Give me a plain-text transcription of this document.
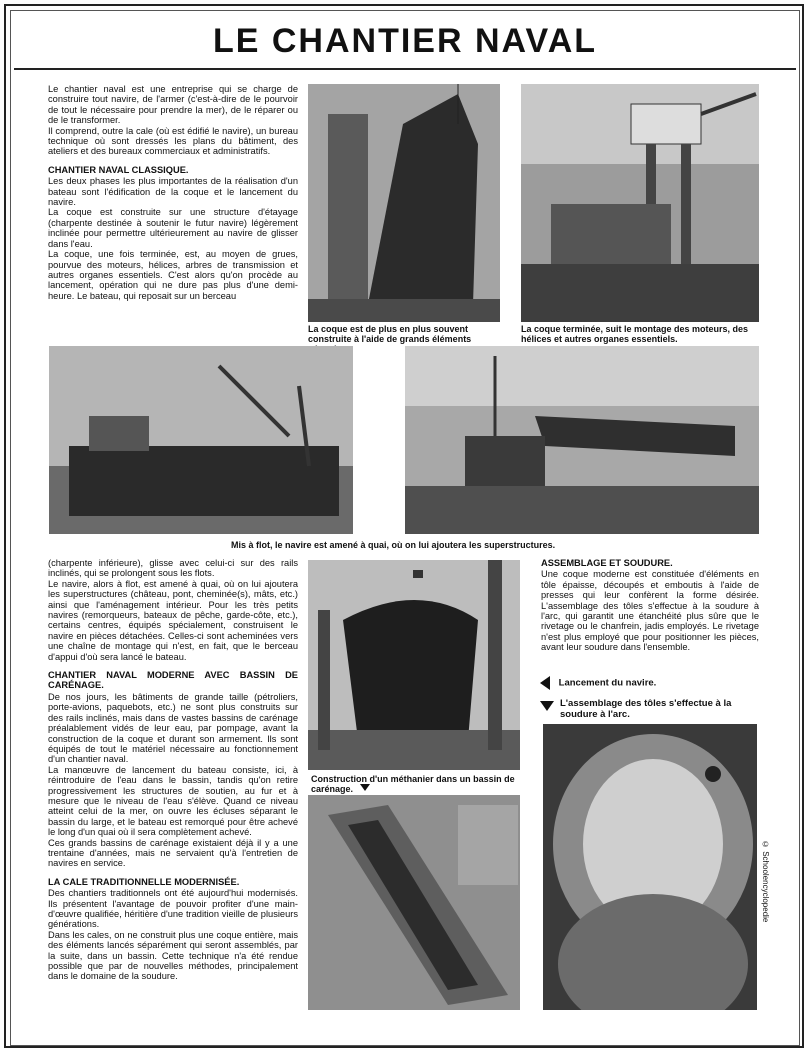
LE CHANTIER NAVAL

Le chantier naval est une entreprise qui se charge de construire tout navire, de l'armer (c'est-à-dire de le pourvoir de tout le nécessaire pour prendre la mer), de le réparer ou de le transformer.

Il comprend, outre la cale (où est édifié le navire), un bureau technique où sont dressés les plans du bâtiment, des ateliers et des bureaux commerciaux et administratifs.

CHANTIER NAVAL CLASSIQUE.

Les deux phases les plus importantes de la réalisation d'un bateau sont l'édification de la coque et le lancement du navire.

La coque est construite sur une structure d'étayage (charpente destinée à soutenir le futur navire) légèrement inclinée pour permettre ultérieurement au navire de glisser dans l'eau.

La coque, une fois terminée, est, au moyen de grues, pourvue des moteurs, hélices, arbres de transmission et autres organes essentiels. C'est alors qu'on procède au lancement, opération qui ne dure pas plus d'une demi-heure. Le bateau, qui reposait sur un berceau

La coque est de plus en plus souvent construite à l'aide de grands éléments
La coque terminée, suit le montage des moteurs, des hélices et autres organes essentiels.
Mis à flot, le navire est amené à quai, où on lui ajoutera les superstructures.

(charpente inférieure), glisse avec celui-ci sur des rails inclinés, qui se prolongent sous les flots.

Le navire, alors à flot, est amené à quai, où on lui ajoutera les superstructures (château, pont, cheminée(s), mâts, etc.) ainsi que l'aménagement intérieur. Pour les très petits navires (remorqueurs, bateaux de pêche, garde-côte, etc.), certains centres, équipés spécialement, construisent le navire en pièces détachées. Celles-ci sont acheminées vers une chaîne de montage qui n'est, en fait, que le berceau d'appui d'où sera lancé le bateau.

CHANTIER NAVAL MODERNE AVEC BASSIN DE CARÉNAGE.

De nos jours, les bâtiments de grande taille (pétroliers, porte-avions, paquebots, etc.) ne sont plus construits sur des rails inclinés, mais dans de vastes bassins de carénage préalablement vidés de leur eau, par pompage, avant la construction de la coque et durant son armement. Ils sont équipés de tout le matériel nécessaire au fonctionnement d'un chantier naval.

La manœuvre de lancement du bateau consiste, ici, à réintroduire de l'eau dans le bassin, tandis qu'on retire progressivement les structures de soutien, au fur et à mesure que le niveau de l'eau s'élève. Quand ce niveau atteint celui de la mer, on ouvre les écluses séparant le bassin du large, et le bateau est remorqué pour être achevé le long d'un quai où il sera complètement achevé.

Ces grands bassins de carénage existaient déjà il y a une trentaine d'années, mais ne servaient qu'à l'entretien de navires en service.

LA CALE TRADITIONNELLE MODERNISÉE.

Des chantiers traditionnels ont été aujourd'hui modernisés. Ils présentent l'avantage de pouvoir profiter d'une main-d'œuvre qualifiée, héritière d'une tradition vieille de plusieurs générations.

Dans les cales, on ne construit plus une coque entière, mais des éléments lancés séparément qui seront assemblés, par la suite, dans un bassin. Cette technique n'a été rendue possible que par de nouvelles méthodes, principalement dans le domaine de la soudure.

Construction d'un méthanier dans un bassin de carénage.
ASSEMBLAGE ET SOUDURE.

Une coque moderne est constituée d'éléments en tôle épaisse, découpés et emboutis à l'aide de presses qui leur confèrent la forme désirée. L'assemblage des tôles s'effectue à la soudure à l'arc, qui garantit une étanchéité plus sûre que le rivetage ou le chanfrein, jadis employés. Le rivetage n'est plus employé que pour positionner les pièces, avant leur soudure dans l'ensemble.

Lancement du navire.
L'assemblage des tôles s'effectue à la soudure à l'arc.
© Schoolencyclopedie
